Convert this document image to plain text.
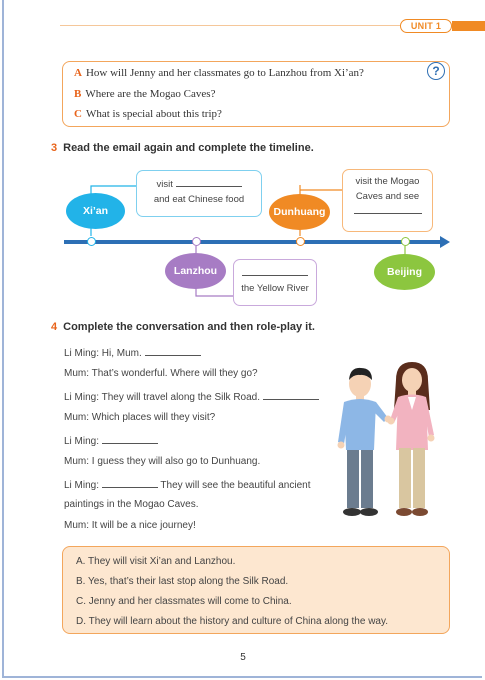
UNIT 1
?
A How will Jenny and her classmates go to Lanzhou from Xi’an?
B Where are the Mogao Caves?
C What is special about this trip?
3 Read the email again and complete the timeline.
Xi’an
Lanzhou
Dunhuang
Beijing
visit
and eat Chinese food
the Yellow River
visit the Mogao
Caves and see
4 Complete the conversation and then role-play it.
Li Ming: Hi, Mum.
Mum: That’s wonderful. Where will they go?
Li Ming: They will travel along the Silk Road.
Mum: Which places will they visit?
Li Ming:
Mum: I guess they will also go to Dunhuang.
Li Ming:	They will see the beautiful ancient
paintings in the Mogao Caves.
Mum: It will be a nice journey!
A. They will visit Xi’an and Lanzhou.
B. Yes, that’s their last stop along the Silk Road.
C. Jenny and her classmates will come to China.
D. They will learn about the history and culture of China along the way.
5
